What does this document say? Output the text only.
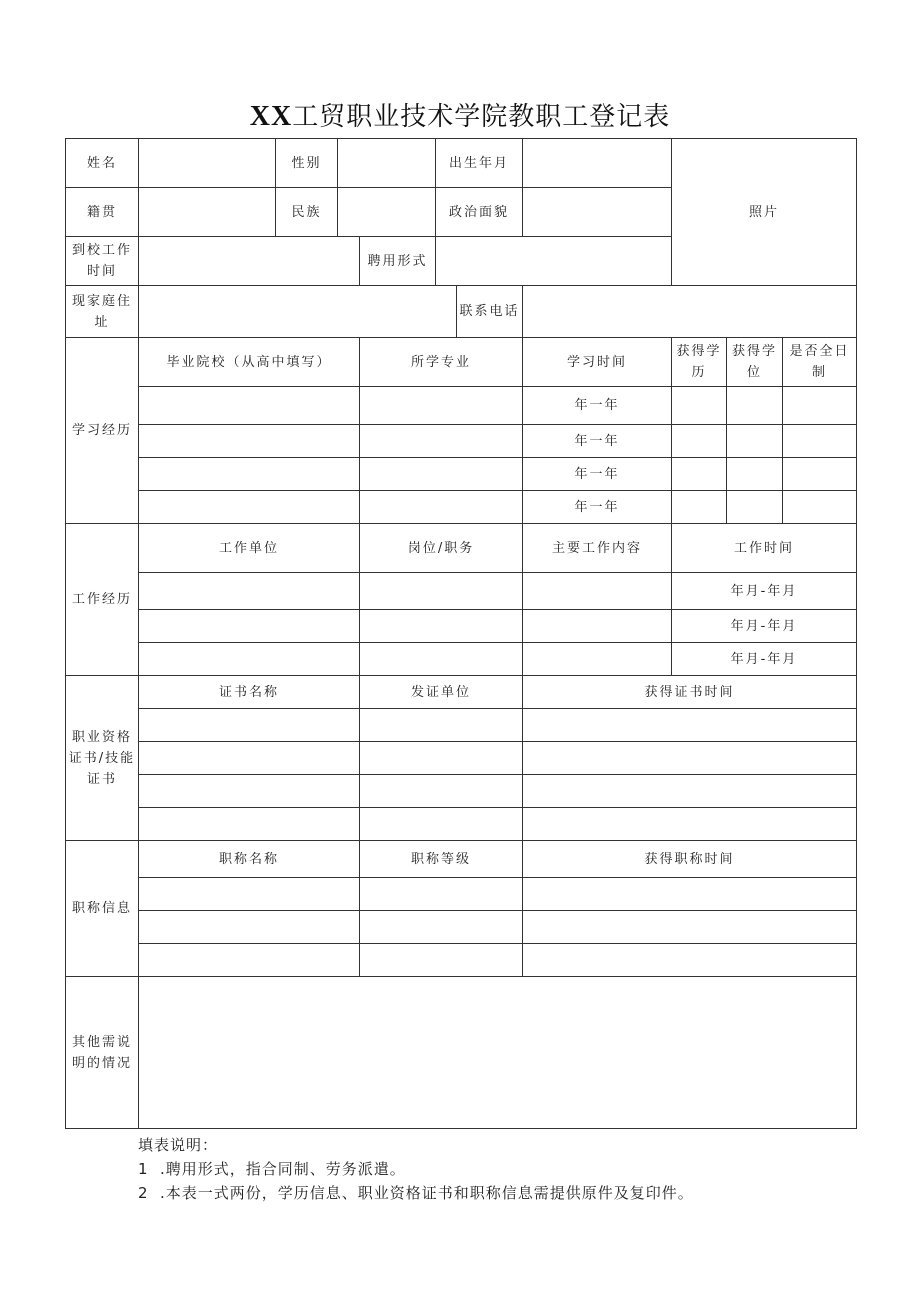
XX工贸职业技术学院教职工登记表
姓名		性别			出生年月			照片		
籍贯		民族			政治面貌					
到校工作时间				聘用形式						
现家庭住址						联系电话				
学习经历	毕业院校（从高中填写）			所学专业			学习时间	获得学历	获得学位	是否全日制
							年一年			
							年一年			
							年一年			
							年一年			
工作经历	工作单位			岗位/职务			主要工作内容	工作时间		
								年月-年月		
								年月-年月		
								年月-年月		
职业资格证书/技能证书	证书名称			发证单位			获得证书时间			

职称信息	职称名称			职称等级			获得职称时间			

其他需说明的情况										
填表说明：
1 .聘用形式，指合同制、劳务派遣。
2 .本表一式两份，学历信息、职业资格证书和职称信息需提供原件及复印件。
